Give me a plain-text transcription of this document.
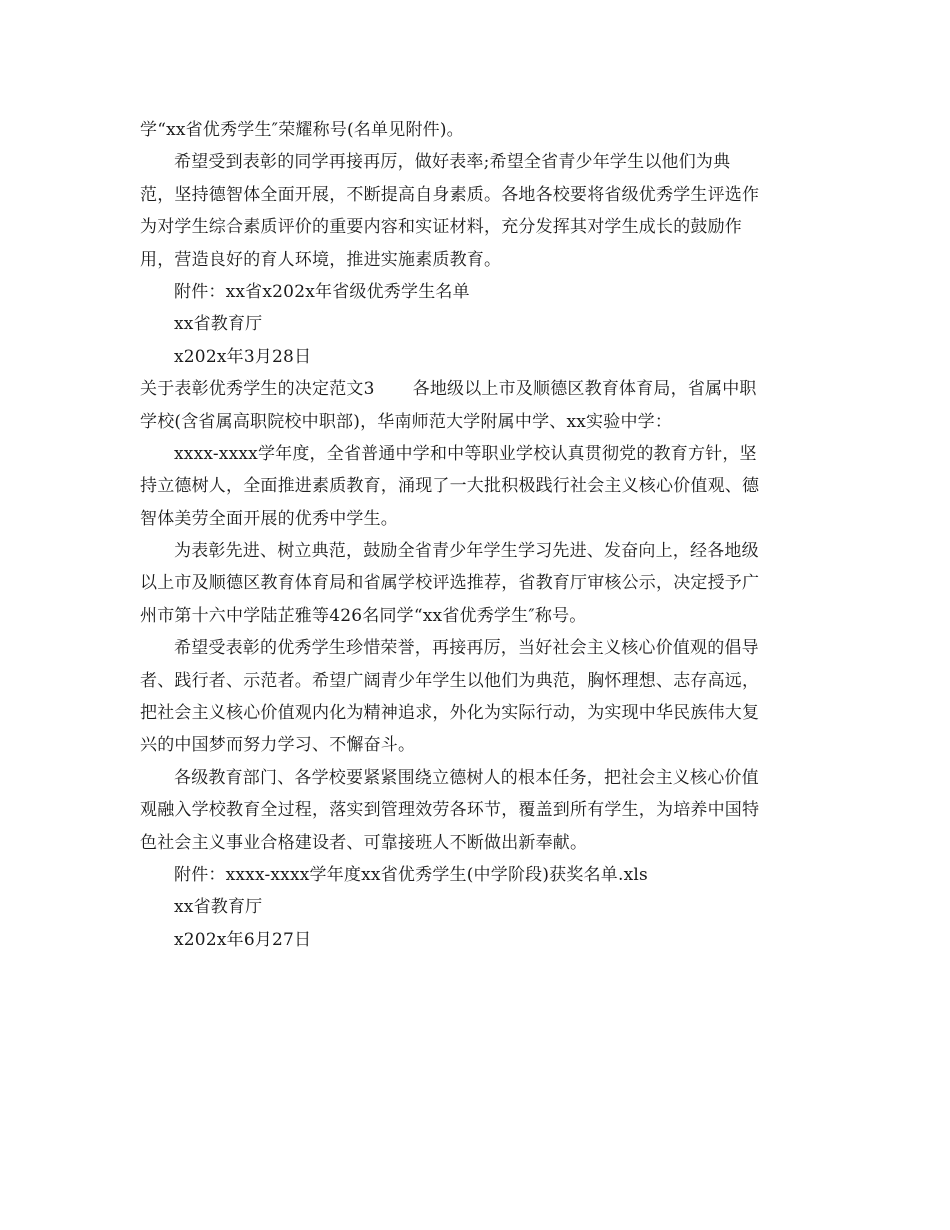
学“xx省优秀学生″荣耀称号(名单见附件)。
希望受到表彰的同学再接再厉，做好表率;希望全省青少年学生以他们为典
范，坚持德智体全面开展，不断提高自身素质。各地各校要将省级优秀学生评选作
为对学生综合素质评价的重要内容和实证材料，充分发挥其对学生成长的鼓励作
用，营造良好的育人环境，推进实施素质教育。
附件：xx省x202x年省级优秀学生名单
xx省教育厅
x202x年3月28日
关于表彰优秀学生的决定范文3 各地级以上市及顺德区教育体育局，省属中职
学校(含省属高职院校中职部)，华南师范大学附属中学、xx实验中学：
xxxx-xxxx学年度，全省普通中学和中等职业学校认真贯彻党的教育方针，坚
持立德树人，全面推进素质教育，涌现了一大批积极践行社会主义核心价值观、德
智体美劳全面开展的优秀中学生。
为表彰先进、树立典范，鼓励全省青少年学生学习先进、发奋向上，经各地级
以上市及顺德区教育体育局和省属学校评选推荐，省教育厅审核公示，决定授予广
州市第十六中学陆芷雅等426名同学“xx省优秀学生″称号。
希望受表彰的优秀学生珍惜荣誉，再接再厉，当好社会主义核心价值观的倡导
者、践行者、示范者。希望广阔青少年学生以他们为典范，胸怀理想、志存高远，
把社会主义核心价值观内化为精神追求，外化为实际行动，为实现中华民族伟大复
兴的中国梦而努力学习、不懈奋斗。
各级教育部门、各学校要紧紧围绕立德树人的根本任务，把社会主义核心价值
观融入学校教育全过程，落实到管理效劳各环节，覆盖到所有学生，为培养中国特
色社会主义事业合格建设者、可靠接班人不断做出新奉献。
附件：xxxx-xxxx学年度xx省优秀学生(中学阶段)获奖名单.xls
xx省教育厅
x202x年6月27日
